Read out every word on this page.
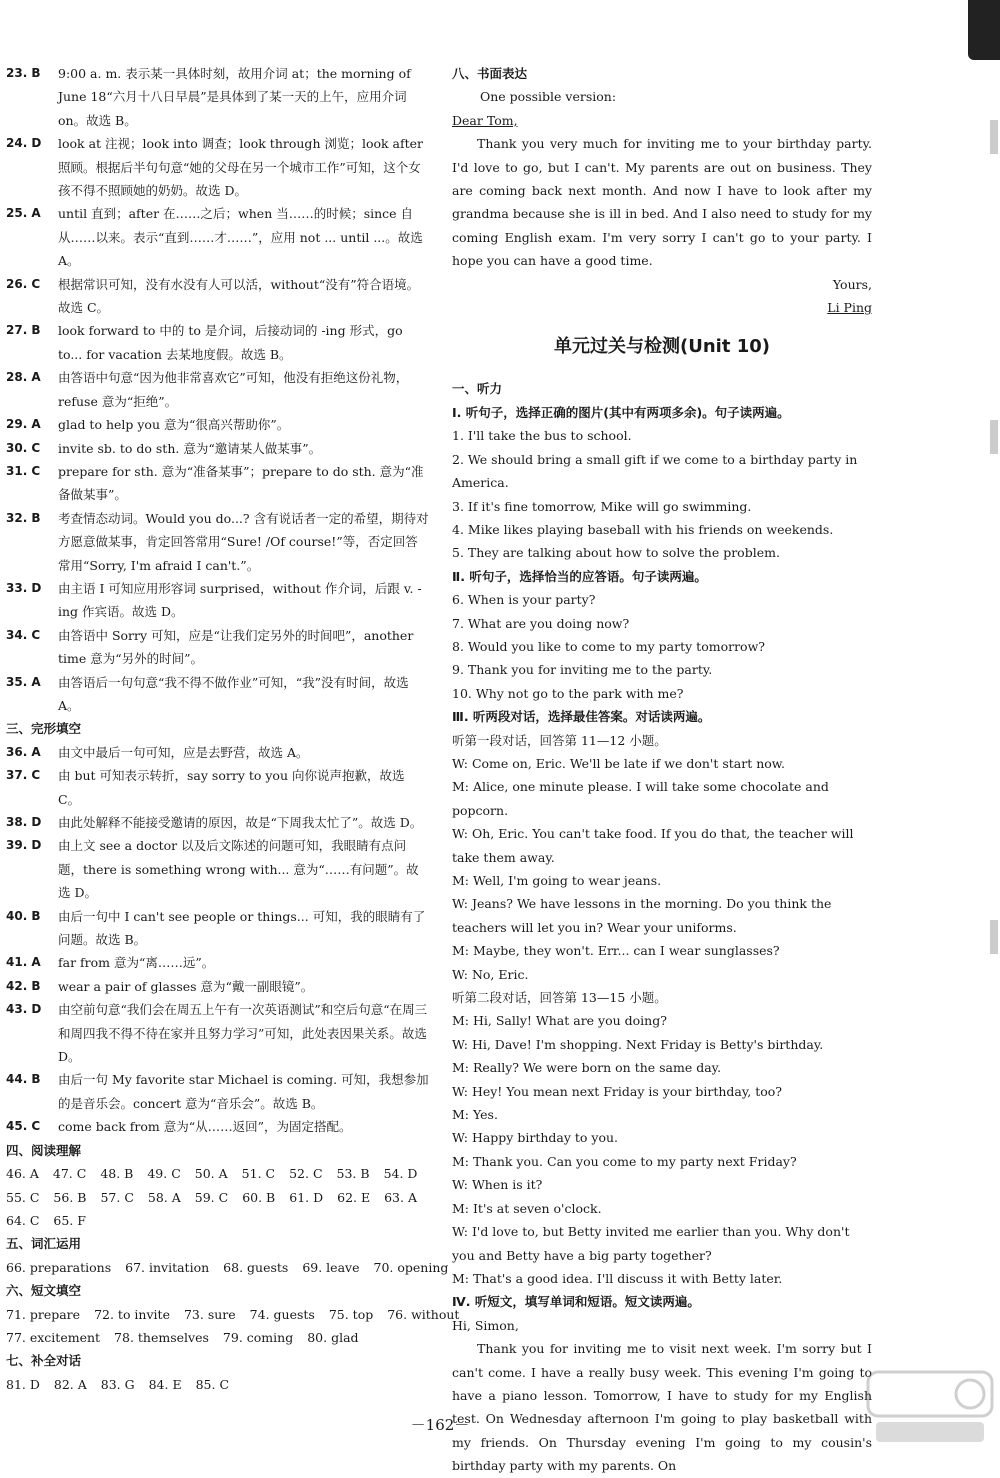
23. B	9:00 a. m. 表示某一具体时刻，故用介词 at；the morning of June 18“六月十八日早晨”是具体到了某一天的上午，应用介词 on。故选 B。
24. D	look at 注视；look into 调查；look through 浏览；look after 照顾。根据后半句句意“她的父母在另一个城市工作”可知，这个女孩不得不照顾她的奶奶。故选 D。
25. A	until 直到；after 在……之后；when 当……的时候；since 自从……以来。表示“直到……才……”，应用 not ... until ...。故选 A。
26. C	根据常识可知，没有水没有人可以活，without“没有”符合语境。故选 C。
27. B	look forward to 中的 to 是介词，后接动词的 -ing 形式，go to... for vacation 去某地度假。故选 B。
28. A	由答语中句意“因为他非常喜欢它”可知，他没有拒绝这份礼物，refuse 意为“拒绝”。
29. A	glad to help you 意为“很高兴帮助你”。
30. C	invite sb. to do sth. 意为“邀请某人做某事”。
31. C	prepare for sth. 意为“准备某事”；prepare to do sth. 意为“准备做某事”。
32. B	考查情态动词。Would you do...? 含有说话者一定的希望，期待对方愿意做某事，肯定回答常用“Sure! /Of course!”等，否定回答常用“Sorry, I'm afraid I can't.”。
33. D	由主语 I 可知应用形容词 surprised，without 作介词，后跟 v. -ing 作宾语。故选 D。
34. C	由答语中 Sorry 可知，应是“让我们定另外的时间吧”，another time 意为“另外的时间”。
35. A	由答语后一句句意“我不得不做作业”可知，“我”没有时间，故选 A。
三、完形填空
36. A	由文中最后一句可知，应是去野营，故选 A。
37. C	由 but 可知表示转折，say sorry to you 向你说声抱歉，故选 C。
38. D	由此处解释不能接受邀请的原因，故是“下周我太忙了”。故选 D。
39. D	由上文 see a doctor 以及后文陈述的问题可知，我眼睛有点问题，there is something wrong with... 意为“……有问题”。故选 D。
40. B	由后一句中 I can't see people or things... 可知，我的眼睛有了问题。故选 B。
41. A	far from 意为“离……远”。
42. B	wear a pair of glasses 意为“戴一副眼镜”。
43. D	由空前句意“我们会在周五上午有一次英语测试”和空后句意“在周三和周四我不得不待在家并且努力学习”可知，此处表因果关系。故选 D。
44. B	由后一句 My favorite star Michael is coming. 可知，我想参加的是音乐会。concert 意为“音乐会”。故选 B。
45. C	come back from 意为“从……返回”，为固定搭配。
四、阅读理解
46. A 47. C 48. B 49. C 50. A 51. C 52. C 53. B 54. D
55. C 56. B 57. C 58. A 59. C 60. B 61. D 62. E 63. A
64. C 65. F
五、词汇运用
66. preparations 67. invitation 68. guests 69. leave 70. opening
六、短文填空
71. prepare 72. to invite 73. sure 74. guests 75. top 76. without
77. excitement 78. themselves 79. coming 80. glad
七、补全对话
81. D 82. A 83. G 84. E 85. C
八、书面表达
One possible version:
Dear Tom,
Thank you very much for inviting me to your birthday party. I'd love to go, but I can't. My parents are out on business. They are coming back next month. And now I have to look after my grandma because she is ill in bed. And I also need to study for my coming English exam. I'm very sorry I can't go to your party. I hope you can have a good time.
Yours,
Li Ping
单元过关与检测(Unit 10)
一、听力
Ⅰ. 听句子，选择正确的图片(其中有两项多余)。句子读两遍。
1. I'll take the bus to school.
2. We should bring a small gift if we come to a birthday party in America.
3. If it's fine tomorrow, Mike will go swimming.
4. Mike likes playing baseball with his friends on weekends.
5. They are talking about how to solve the problem.
Ⅱ. 听句子，选择恰当的应答语。句子读两遍。
6. When is your party?
7. What are you doing now?
8. Would you like to come to my party tomorrow?
9. Thank you for inviting me to the party.
10. Why not go to the park with me?
Ⅲ. 听两段对话，选择最佳答案。对话读两遍。
听第一段对话，回答第 11—12 小题。
W: Come on, Eric. We'll be late if we don't start now.
M: Alice, one minute please. I will take some chocolate and popcorn.
W: Oh, Eric. You can't take food. If you do that, the teacher will take them away.
M: Well, I'm going to wear jeans.
W: Jeans? We have lessons in the morning. Do you think the teachers will let you in? Wear your uniforms.
M: Maybe, they won't. Err... can I wear sunglasses?
W: No, Eric.
听第二段对话，回答第 13—15 小题。
M: Hi, Sally! What are you doing?
W: Hi, Dave! I'm shopping. Next Friday is Betty's birthday.
M: Really? We were born on the same day.
W: Hey! You mean next Friday is your birthday, too?
M: Yes.
W: Happy birthday to you.
M: Thank you. Can you come to my party next Friday?
W: When is it?
M: It's at seven o'clock.
W: I'd love to, but Betty invited me earlier than you. Why don't you and Betty have a big party together?
M: That's a good idea. I'll discuss it with Betty later.
Ⅳ. 听短文，填写单词和短语。短文读两遍。
Hi, Simon,
Thank you for inviting me to visit next week. I'm sorry but I can't come. I have a really busy week. This evening I'm going to have a piano lesson. Tomorrow, I have to study for my English test. On Wednesday afternoon I'm going to play basketball with my friends. On Thursday evening I'm going to my cousin's birthday party with my parents. On
－162－
